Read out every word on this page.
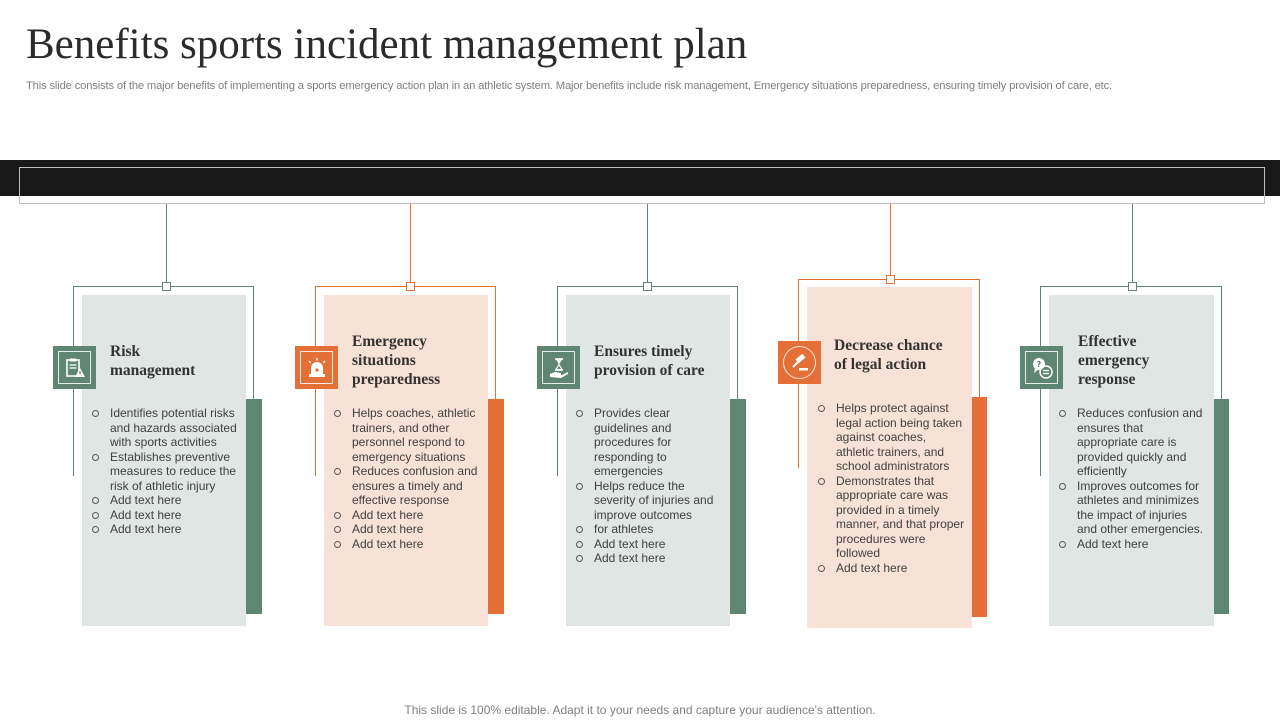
Benefits sports incident management plan
This slide consists of the major benefits of implementing a sports emergency action plan in an athletic system. Major benefits include risk management, Emergency situations preparedness, ensuring timely provision of care, etc.
Risk
management
Identifies potential risks and hazards associated with sports activities
Establishes preventive measures to reduce the risk of athletic injury
Add text here
Add text here
Add text here
Emergency
situations
preparedness
Helps coaches, athletic trainers, and other personnel respond to emergency situations
Reduces confusion and ensures a timely and effective response
Add text here
Add text here
Add text here
Ensures timely
provision of care
Provides clear guidelines and procedures for responding to emergencies
Helps reduce the severity of injuries and improve outcomes
for athletes
Add text here
Add text here
Decrease chance
of legal action
Helps protect against legal action being taken against coaches, athletic trainers, and school administrators
Demonstrates that appropriate care was provided in a timely manner, and that proper procedures were followed
Add text here
?
Effective
emergency
response
Reduces confusion and ensures that appropriate care is provided quickly and efficiently
Improves outcomes for athletes and minimizes the impact of injuries and other emergencies.
Add text here
This slide is 100% editable. Adapt it to your needs and capture your audience's attention.
